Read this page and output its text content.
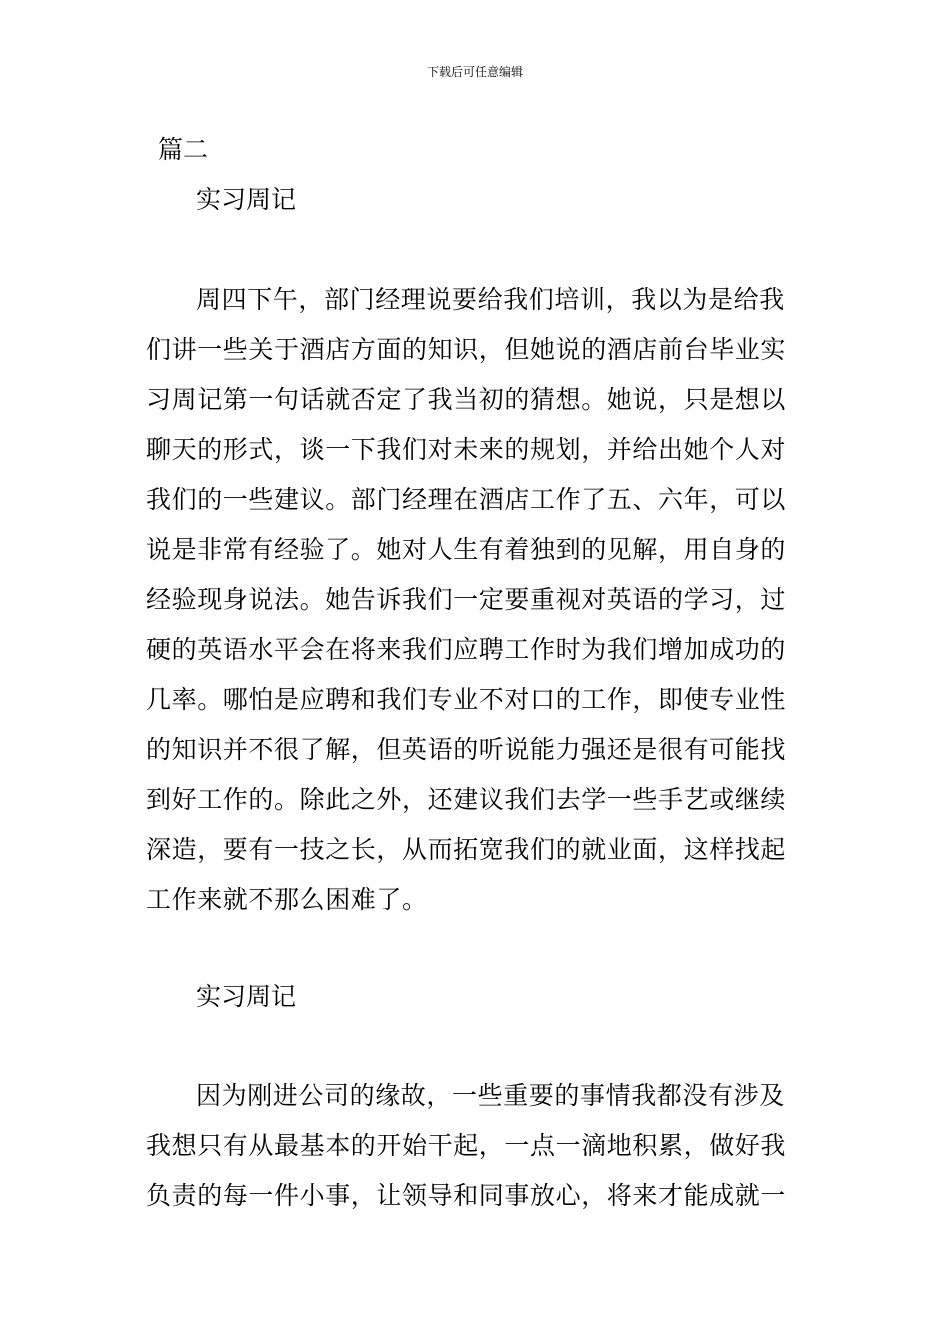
下载后可任意编辑
篇二
实习周记
周四下午，部门经理说要给我们培训，我以为是给我
们讲一些关于酒店方面的知识，但她说的酒店前台毕业实
习周记第一句话就否定了我当初的猜想。她说，只是想以
聊天的形式，谈一下我们对未来的规划，并给出她个人对
我们的一些建议。部门经理在酒店工作了五、六年，可以
说是非常有经验了。她对人生有着独到的见解，用自身的
经验现身说法。她告诉我们一定要重视对英语的学习，过
硬的英语水平会在将来我们应聘工作时为我们增加成功的
几率。哪怕是应聘和我们专业不对口的工作，即使专业性
的知识并不很了解，但英语的听说能力强还是很有可能找
到好工作的。除此之外，还建议我们去学一些手艺或继续
深造，要有一技之长，从而拓宽我们的就业面，这样找起
工作来就不那么困难了。
实习周记
因为刚进公司的缘故，一些重要的事情我都没有涉及
我想只有从最基本的开始干起，一点一滴地积累，做好我
负责的每一件小事，让领导和同事放心，将来才能成就一
